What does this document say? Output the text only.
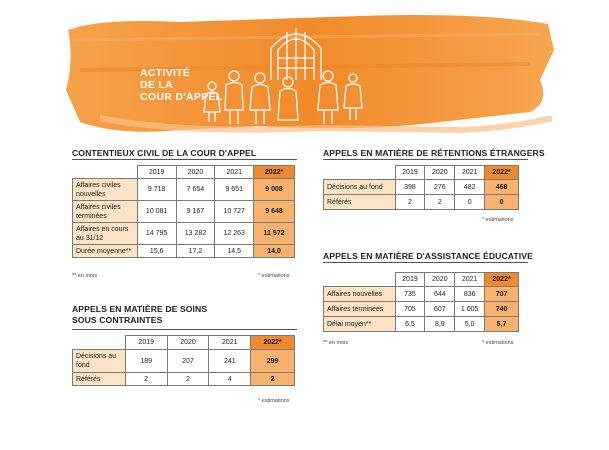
ACTIVITÉ
DE LA
COUR D'APPEL
CONTENTIEUX CIVIL DE LA COUR D'APPEL
	2019	2020	2021	2022*
Affaires civiles nouvelles	9 718	7 654	9 651	9 008
Affaires civiles terminées	10 081	9 167	10 727	9 648
Affaires en cours au 31/12	14 795	13 282	12 263	11 572
Durée moyenne**	15,6	17,2	14,5	14,0
** en mois	* estimations
APPELS EN MATIÈRE DE SOINS
SOUS CONTRAINTES
	2019	2020	2021	2022*
Décisions au fond	189	207	241	299
Référés	2	2	4	2
* estimations
APPELS EN MATIÈRE DE RÉTENTIONS ÉTRANGERS
	2019	2020	2021	2022*
Décisions au fond	398	276	482	468
Référés	2	2	0	0
* estimations
APPELS EN MATIÈRE D'ASSISTANCE ÉDUCATIVE
	2019	2020	2021	2022*
Affaires nouvelles	735	644	836	707
Affaires terminées	705	607	1 005	740
Délai moyen**	6,5	8,9	5,0	5,7
** en mois	* estimations
